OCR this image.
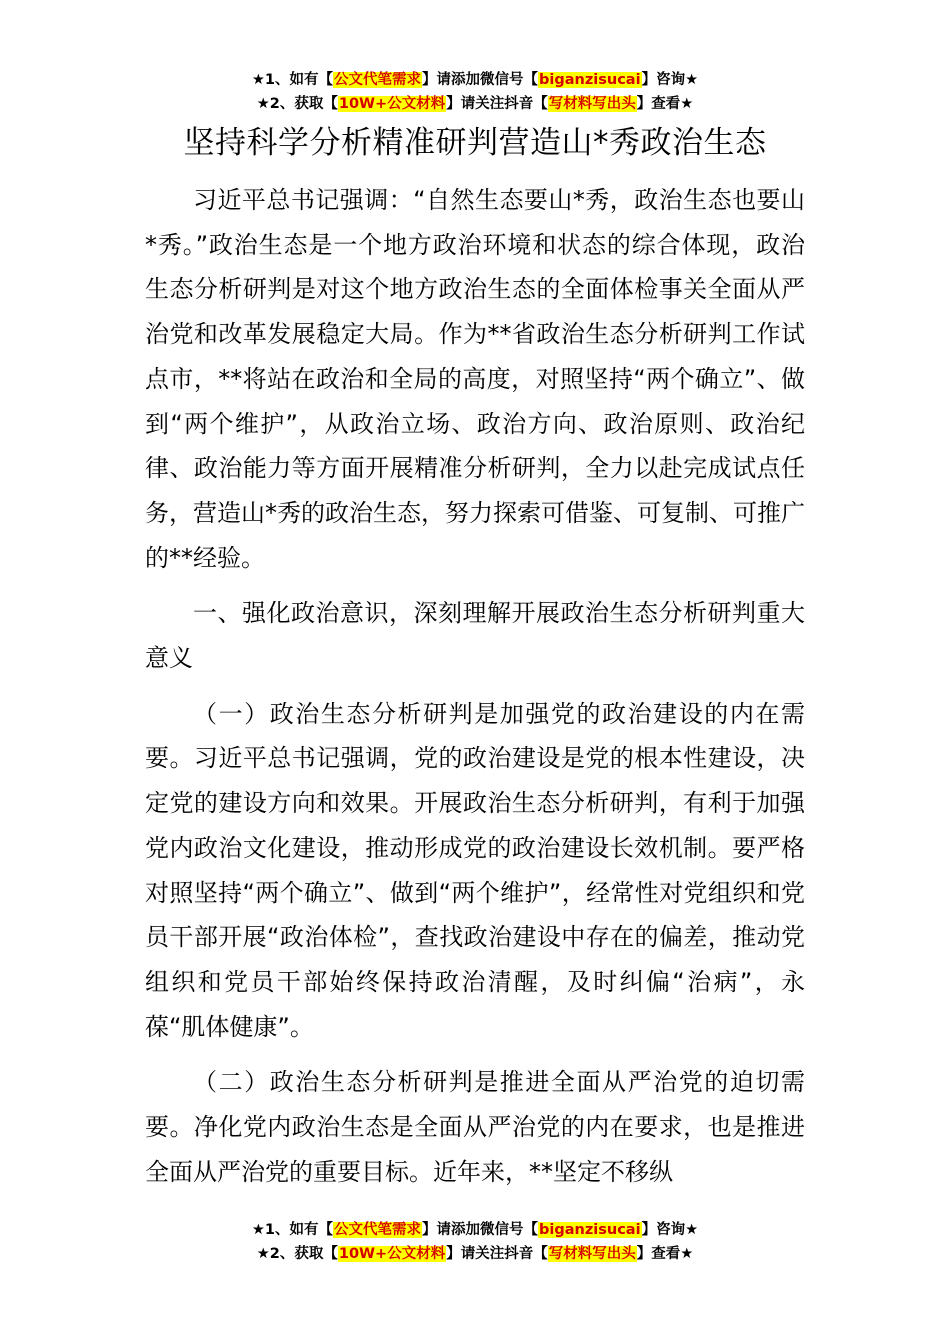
★1、如有【公文代笔需求】请添加微信号【biganzisucai】咨询★
★2、获取【10W+公文材料】请关注抖音【写材料写出头】查看★
坚持科学分析精准研判营造山*秀政治生态

习近平总书记强调：“自然生态要山*秀，政治生态也要山*秀。”政治生态是一个地方政治环境和状态的综合体现，政治生态分析研判是对这个地方政治生态的全面体检事关全面从严治党和改革发展稳定大局。作为**省政治生态分析研判工作试点市，**将站在政治和全局的高度，对照坚持“两个确立”、做到“两个维护”，从政治立场、政治方向、政治原则、政治纪律、政治能力等方面开展精准分析研判，全力以赴完成试点任务，营造山*秀的政治生态，努力探索可借鉴、可复制、可推广的**经验。

一、强化政治意识，深刻理解开展政治生态分析研判重大意义

（一）政治生态分析研判是加强党的政治建设的内在需要。习近平总书记强调，党的政治建设是党的根本性建设，决定党的建设方向和效果。开展政治生态分析研判，有利于加强党内政治文化建设，推动形成党的政治建设长效机制。要严格对照坚持“两个确立”、做到“两个维护”，经常性对党组织和党员干部开展“政治体检”，查找政治建设中存在的偏差，推动党组织和党员干部始终保持政治清醒，及时纠偏“治病”，永葆“肌体健康”。

（二）政治生态分析研判是推进全面从严治党的迫切需要。净化党内政治生态是全面从严治党的内在要求，也是推进全面从严治党的重要目标。近年来，**坚定不移纵

★1、如有【公文代笔需求】请添加微信号【biganzisucai】咨询★
★2、获取【10W+公文材料】请关注抖音【写材料写出头】查看★
